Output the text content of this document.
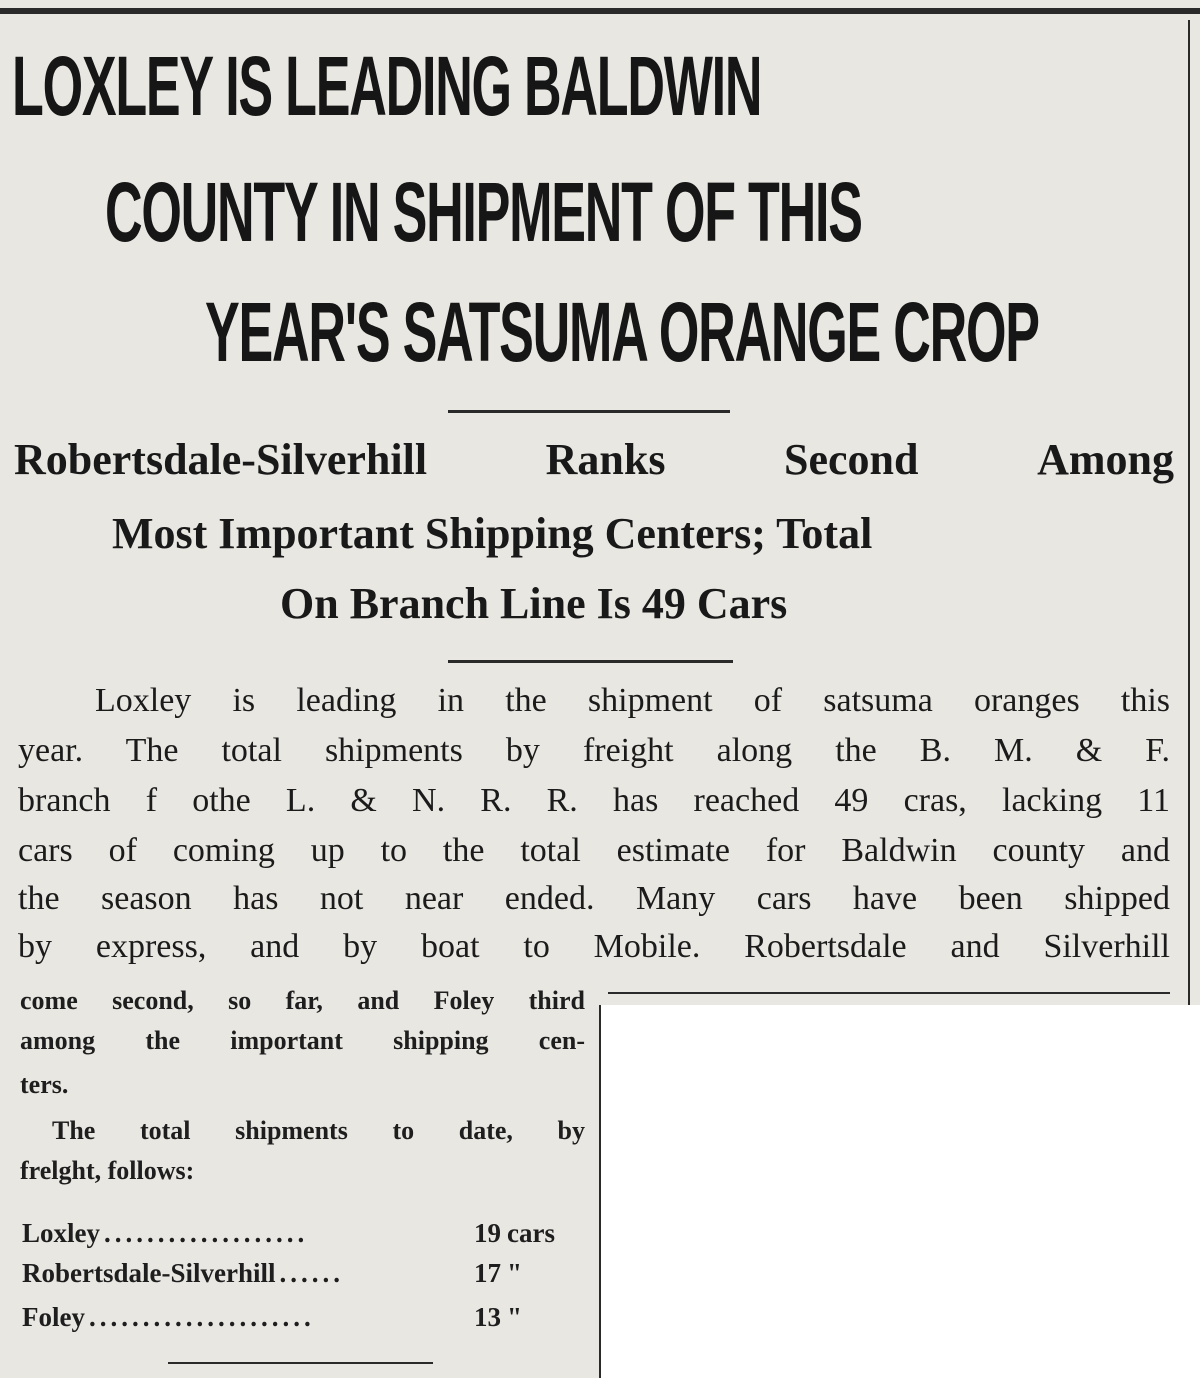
LOXLEY IS LEADING BALDWIN
COUNTY IN SHIPMENT OF THIS
YEAR'S SATSUMA ORANGE CROP
Robertsdale-Silverhill	Ranks	Second	Among
Most Important Shipping Centers; Total
On Branch Line Is 49 Cars

Loxley is leading in the shipment of satsuma oranges this

year. The total shipments by freight along the B. M. & F.

branch f othe L. & N. R. R. has reached 49 cras, lacking 11

cars of coming up to the total estimate for Baldwin county and

the season has not near ended. Many cars have been shipped

by express, and by boat to Mobile. Robertsdale and Silverhill

come second, so far, and Foley third

among the important shipping cen-

ters.

The total shipments to date, by

frelght, follows:

Loxley ...................	19 cars
Robertsdale-Silverhill ......	17 "
Foley .....................	13 "
